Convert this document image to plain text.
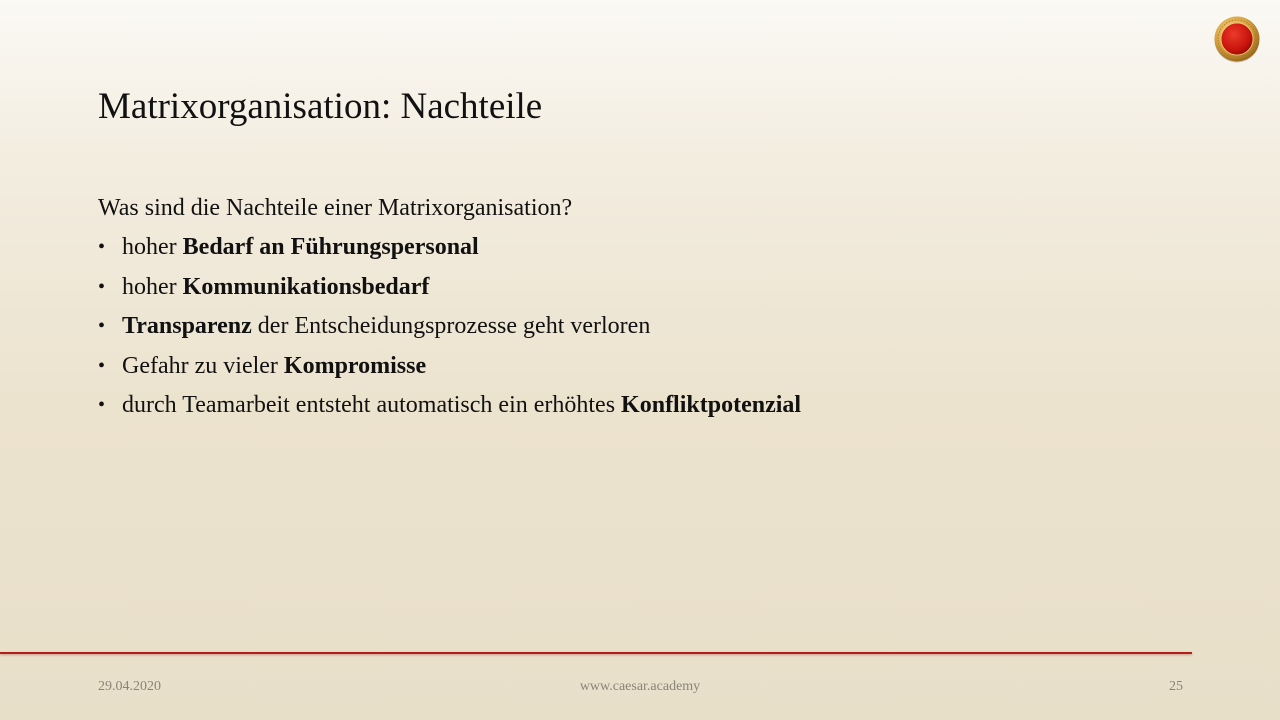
Matrixorganisation: Nachteile
Was sind die Nachteile einer Matrixorganisation?
• hoher Bedarf an Führungspersonal
• hoher Kommunikationsbedarf
• Transparenz der Entscheidungsprozesse geht verloren
• Gefahr zu vieler Kompromisse
• durch Teamarbeit entsteht automatisch ein erhöhtes Konfliktpotenzial
29.04.2020	www.caesar.academy	25
